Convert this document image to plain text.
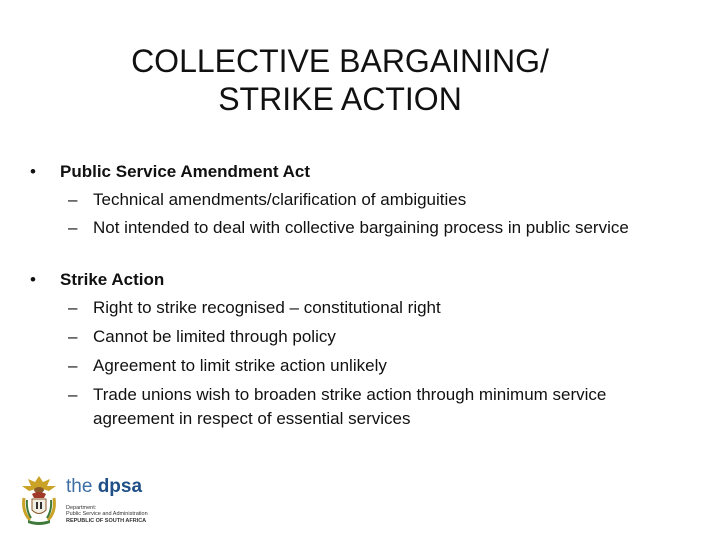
COLLECTIVE BARGAINING/
STRIKE ACTION
• Public Service Amendment Act
– Technical amendments/clarification of ambiguities
– Not intended to deal with collective bargaining process in public service
• Strike Action
– Right to strike recognised – constitutional right
– Cannot be limited through policy
– Agreement to limit strike action unlikely
– Trade unions wish to broaden strike action through minimum service agreement in respect of essential services
the dpsa
Department:
Public Service and Administration
REPUBLIC OF SOUTH AFRICA
